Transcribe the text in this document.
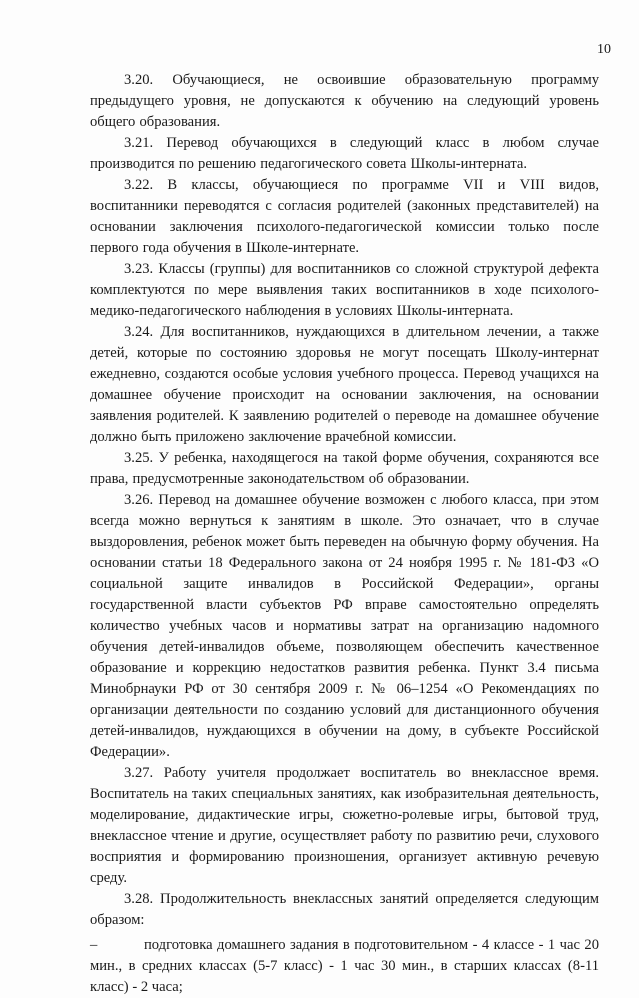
10

3.20. Обучающиеся, не освоившие образовательную программу предыдущего уровня, не допускаются к обучению на следующий уровень общего образования.

3.21. Перевод обучающихся в следующий класс в любом случае производится по решению педагогического совета Школы-интерната.

3.22. В классы, обучающиеся по программе VII и VIII видов, воспитанники переводятся с согласия родителей (законных представителей) на основании заключения психолого-педагогической комиссии только после первого года обучения в Школе-интернате.

3.23. Классы (группы) для воспитанников со сложной структурой дефекта комплектуются по мере выявления таких воспитанников в ходе психолого-медико-педагогического наблюдения в условиях Школы-интерната.

3.24. Для воспитанников, нуждающихся в длительном лечении, а также детей, которые по состоянию здоровья не могут посещать Школу-интернат ежедневно, создаются особые условия учебного процесса. Перевод учащихся на домашнее обучение происходит на основании заключения, на основании заявления родителей. К заявлению родителей о переводе на домашнее обучение должно быть приложено заключение врачебной комиссии.

3.25. У ребенка, находящегося на такой форме обучения, сохраняются все права, предусмотренные законодательством об образовании.

3.26. Перевод на домашнее обучение возможен с любого класса, при этом всегда можно вернуться к занятиям в школе. Это означает, что в случае выздоровления, ребенок может быть переведен на обычную форму обучения. На основании статьи 18 Федерального закона от 24 ноября 1995 г. № 181-ФЗ «О социальной защите инвалидов в Российской Федерации», органы государственной власти субъектов РФ вправе самостоятельно определять количество учебных часов и нормативы затрат на организацию надомного обучения детей-инвалидов объеме, позволяющем обеспечить качественное образование и коррекцию недостатков развития ребенка. Пункт 3.4 письма Минобрнауки РФ от 30 сентября 2009 г. № 06–1254 «О Рекомендациях по организации деятельности по созданию условий для дистанционного обучения детей-инвалидов, нуждающихся в обучении на дому, в субъекте Российской Федерации».

3.27. Работу учителя продолжает воспитатель во внеклассное время. Воспитатель на таких специальных занятиях, как изобразительная деятельность, моделирование, дидактические игры, сюжетно-ролевые игры, бытовой труд, внеклассное чтение и другие, осуществляет работу по развитию речи, слухового восприятия и формированию произношения, организует активную речевую среду.

3.28. Продолжительность внеклассных занятий определяется следующим образом:

–	подготовка домашнего задания в подготовительном - 4 классе - 1 час 20 мин., в средних классах (5-7 класс) - 1 час 30 мин., в старших классах (8-11 класс) - 2 часа;
